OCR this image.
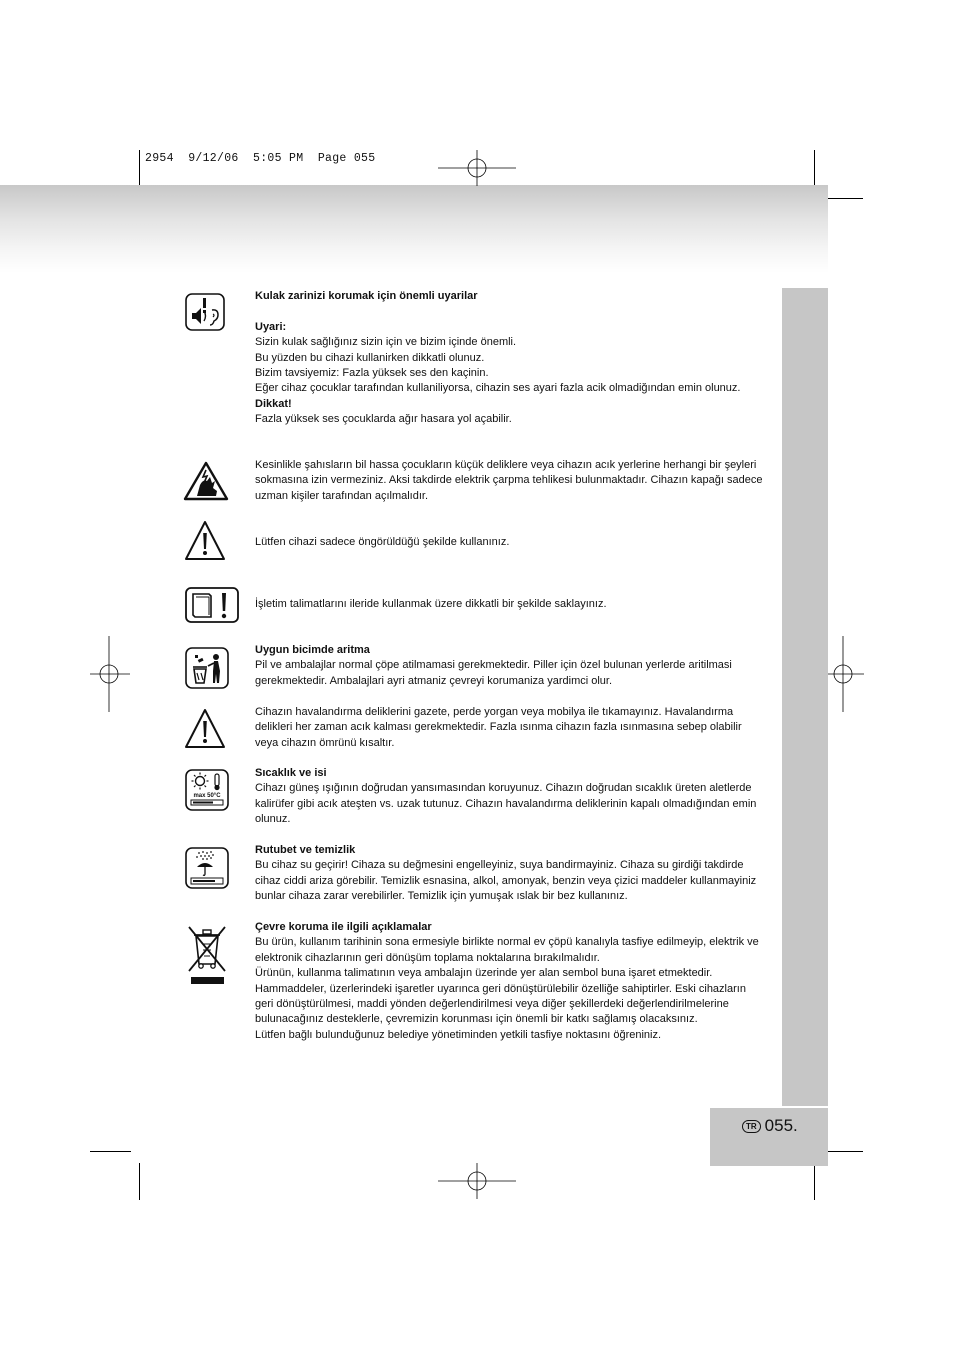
2954  9/12/06  5:05 PM  Page 055
TR 055.
max 50°C

Kulak zarinizi korumak için önemli uyarilar

Uyari:

Sizin kulak sağlığınız sizin için ve bizim içinde önemli.

Bu yüzden bu cihazi kullanirken dikkatli olunuz.

Bizim tavsiyemiz: Fazla yüksek ses den kaçinin.

Eğer cihaz çocuklar tarafından kullaniliyorsa, cihazin ses ayari fazla acik olmadiğından emin olunuz.

Dikkat!

Fazla yüksek ses çocuklarda ağır hasara yol açabilir.

Kesinlikle şahısların bil hassa çocukların küçük deliklere veya cihazın acık yerlerine herhangi bir şeyleri sokmasına izin vermeziniz. Aksi takdirde elektrik çarpma tehlikesi bulunmaktadır. Cihazın kapağı sadece uzman kişiler tarafından açılmalıdır.

Lütfen cihazi sadece öngörüldüğü şekilde kullanınız.

İşletim talimatlarını ileride kullanmak üzere dikkatli bir şekilde saklayınız.

Uygun bicimde aritma

Pil ve ambalajlar normal çöpe atilmamasi gerekmektedir. Piller için özel bulunan yerlerde aritilmasi gerekmektedir. Ambalajlari ayri atmaniz çevreyi korumaniza yardimci olur.

Cihazın havalandırma deliklerini gazete, perde yorgan veya mobilya ile tıkamayınız. Havalandırma delikleri her zaman acık kalması gerekmektedir. Fazla ısınma cihazın fazla ısınmasına sebep olabilir veya cihazın ömrünü kısaltır.

Sıcaklık ve isi

Cihazı güneş ışığının doğrudan yansımasından koruyunuz. Cihazın doğrudan sıcaklık üreten aletlerde kalirüfer gibi acık ateşten vs. uzak tutunuz. Cihazın havalandırma deliklerinin kapalı olmadığından emin olunuz.

Rutubet ve temizlik

Bu cihaz su geçirir! Cihaza su değmesini engelleyiniz, suya bandirmayiniz. Cihaza su girdiği takdirde cihaz ciddi ariza görebilir. Temizlik esnasina, alkol, amonyak, benzin veya çizici maddeler kullanmayiniz bunlar cihaza zarar verebilirler. Temizlik için yumuşak ıslak bir bez kullanınız.

Çevre koruma ile ilgili açıklamalar

Bu ürün, kullanım tarihinin sona ermesiyle birlikte normal ev çöpü kanalıyla tasfiye edilmeyip, elektrik ve elektronik cihazlarının geri dönüşüm toplama noktalarına bırakılmalıdır.

Ürünün, kullanma talimatının veya ambalajın üzerinde yer alan sembol buna işaret etmektedir. Hammaddeler, üzerlerindeki işaretler uyarınca geri dönüştürülebilir özelliğe sahiptirler. Eski cihazların geri dönüştürülmesi, maddi yönden değerlendirilmesi veya diğer şekillerdeki değerlendirilmelerine bulunacağınız desteklerle, çevremizin korunması için önemli bir katkı sağlamış olacaksınız.

Lütfen bağlı bulunduğunuz belediye yönetiminden yetkili tasfiye noktasını öğreniniz.
